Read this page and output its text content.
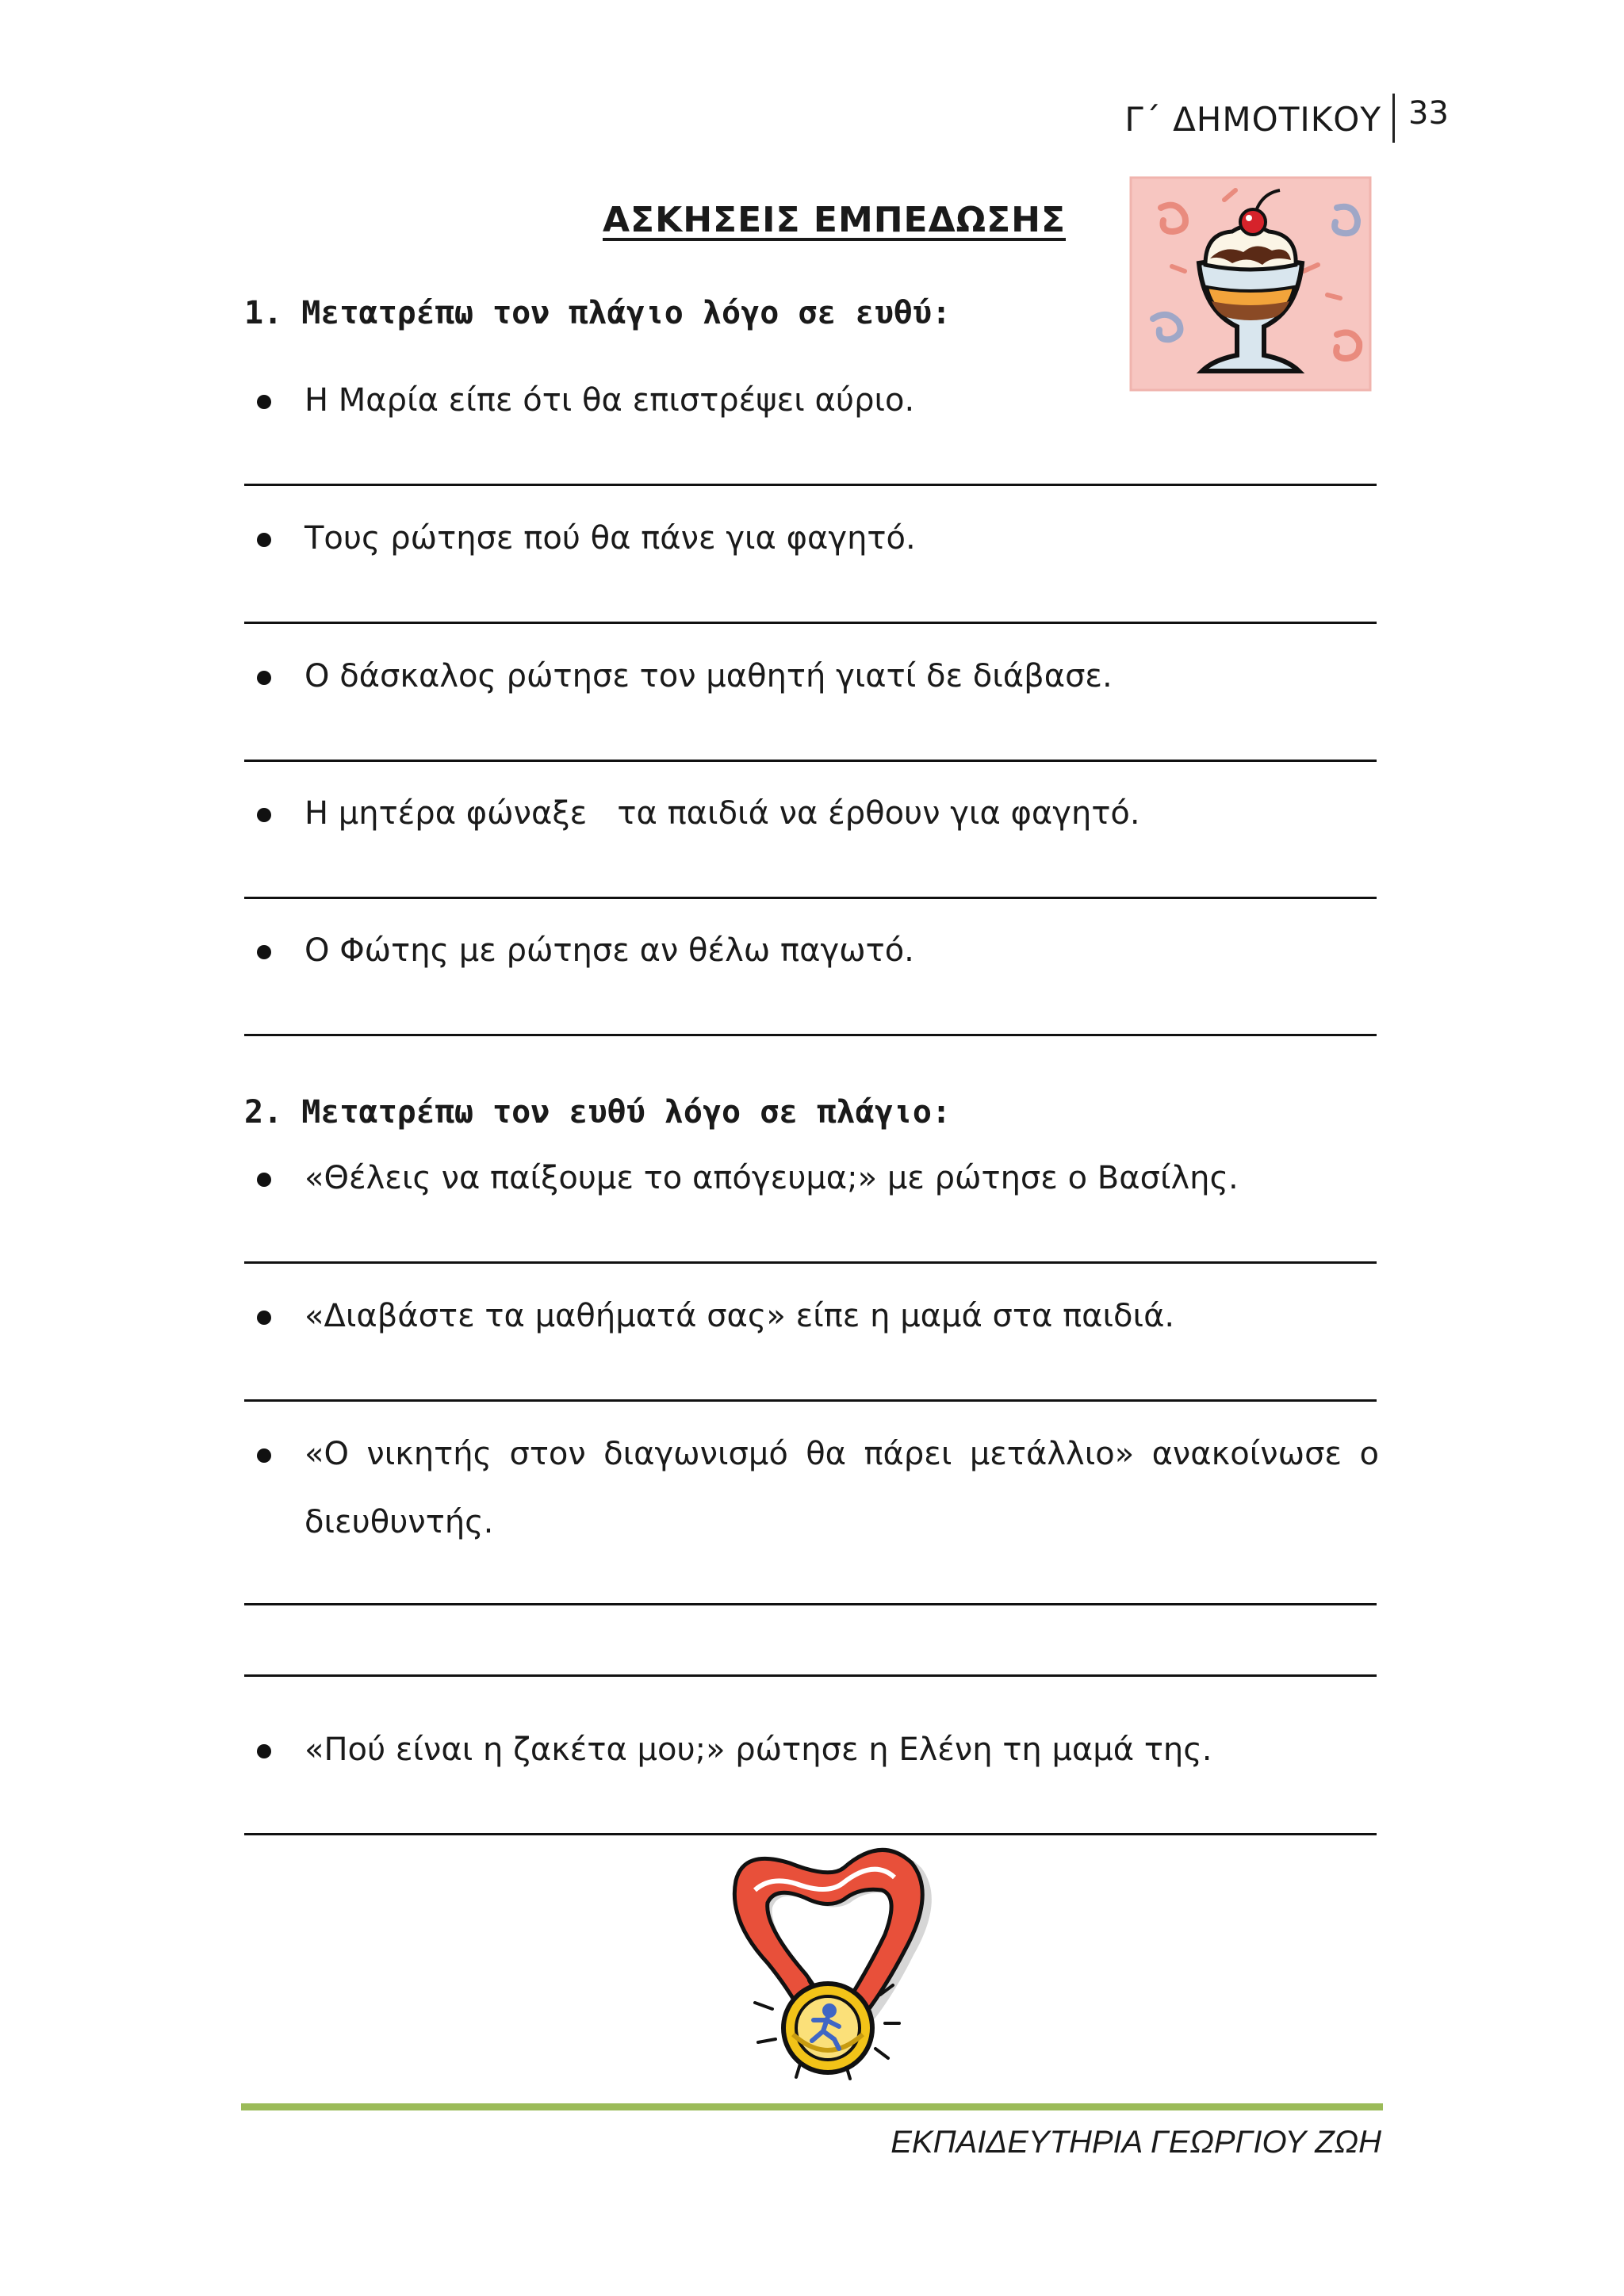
Γ΄ ΔΗΜΟΤΙΚΟΥ 33
ΑΣΚΗΣΕΙΣ ΕΜΠΕΔΩΣΗΣ
1. Μετατρέπω τον πλάγιο λόγο σε ευθύ:
Η Μαρία είπε ότι θα επιστρέψει αύριο.
Τους ρώτησε πού θα πάνε για φαγητό.
Ο δάσκαλος ρώτησε τον μαθητή γιατί δε διάβασε.
Η μητέρα φώναξε   τα παιδιά να έρθουν για φαγητό.
Ο Φώτης με ρώτησε αν θέλω παγωτό.
2. Μετατρέπω τον ευθύ λόγο σε πλάγιο:
«Θέλεις να παίξουμε το απόγευμα;» με ρώτησε ο Βασίλης.
«Διαβάστε τα μαθήματά σας» είπε η μαμά στα παιδιά.
«Ο νικητής στον διαγωνισμό θα πάρει μετάλλιο» ανακοίνωσε ο
διευθυντής.
«Πού είναι η ζακέτα μου;» ρώτησε η Ελένη τη μαμά της.
ΕΚΠΑΙΔΕΥΤΗΡΙΑ ΓΕΩΡΓΙΟΥ ΖΩΗ
